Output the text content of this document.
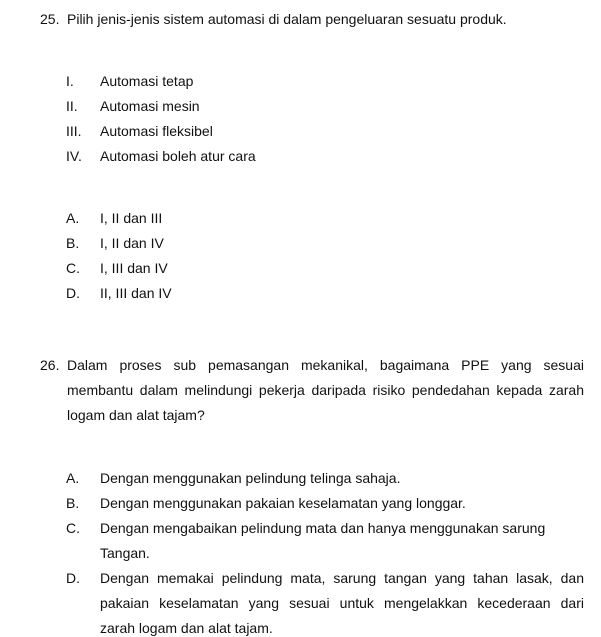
25. Pilih jenis-jenis sistem automasi di dalam pengeluaran sesuatu produk.
I. Automasi tetap
II. Automasi mesin
III. Automasi fleksibel
IV. Automasi boleh atur cara
A. I, II dan III
B. I, II dan IV
C. I, III dan IV
D. II, III dan IV
26. Dalam proses sub pemasangan mekanikal, bagaimana PPE yang sesuai
membantu dalam melindungi pekerja daripada risiko pendedahan kepada zarah
logam dan alat tajam?
A. Dengan menggunakan pelindung telinga sahaja.
B. Dengan menggunakan pakaian keselamatan yang longgar.
C. Dengan mengabaikan pelindung mata dan hanya menggunakan sarung
Tangan.
D. Dengan memakai pelindung mata, sarung tangan yang tahan lasak, dan
pakaian keselamatan yang sesuai untuk mengelakkan kecederaan dari
zarah logam dan alat tajam.
